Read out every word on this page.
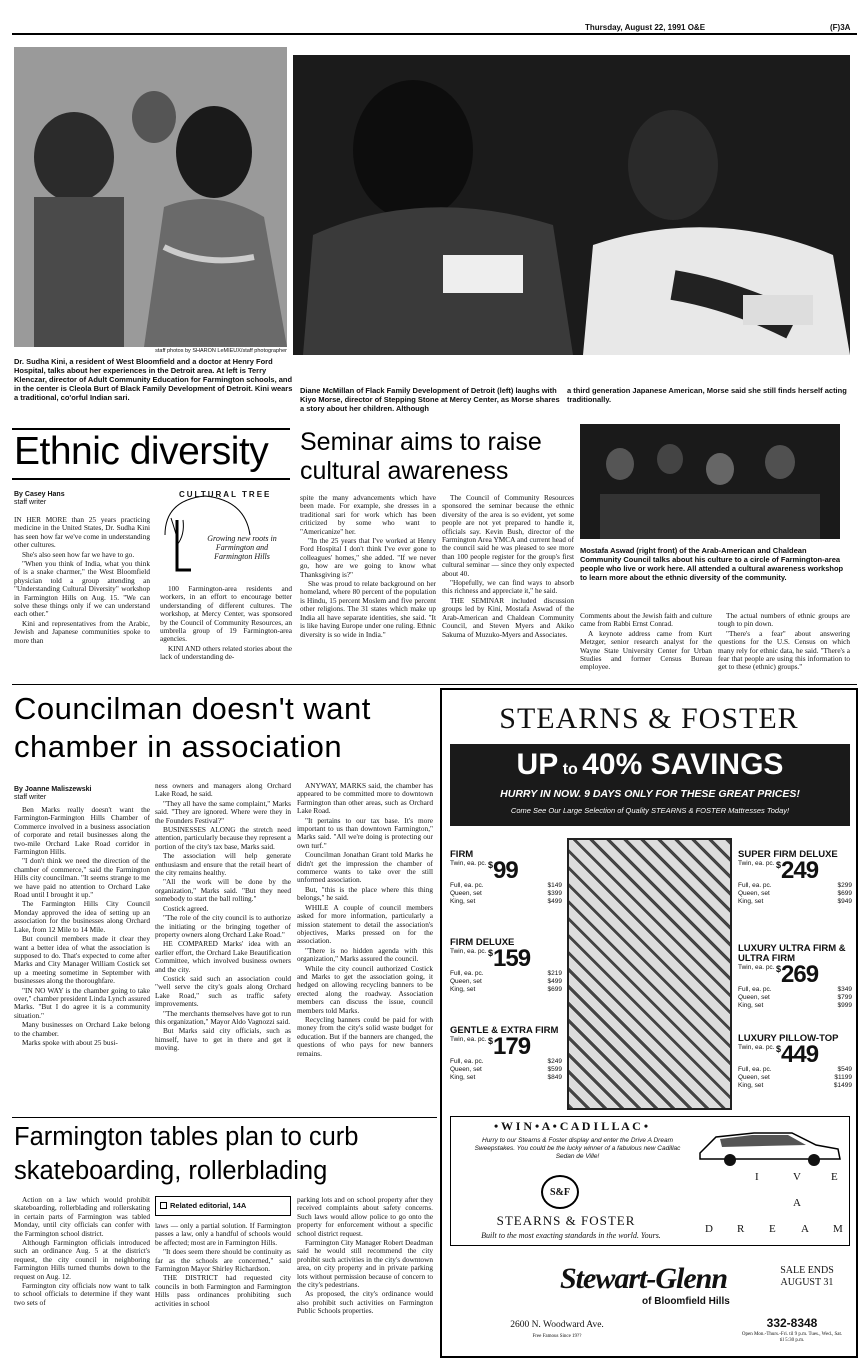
Thursday, August 22, 1991 O&E	(F)3A
staff photos by SHARON LeMIEUX/staff photographer
Dr. Sudha Kini, a resident of West Bloomfield and a doctor at Henry Ford Hospital, talks about her experiences in the Detroit area. At left is Terry Klenczar, director of Adult Community Education for Farmington schools, and in the center is Cleola Burt of Black Family Development of Detroit. Kini wears a traditional, co'orful Indian sari.
Diane McMillan of Flack Family Development of Detroit (left) laughs with Kiyo Morse, director of Stepping Stone at Mercy Center, as Morse shares a story about her children. Although
a third generation Japanese American, Morse said she still finds herself acting traditionally.
Ethnic diversity Seminar aims to raise cultural awareness
Mostafa Aswad (right front) of the Arab-American and Chaldean Community Council talks about his culture to a circle of Farmington-area people who live or work here. All attended a cultural awareness workshop to learn more about the ethnic diversity of the community.
By Casey Hans
staff writer
CULTURAL TREE
Growing new roots in Farmington and Farmington Hills

IN HER MORE than 25 years practicing medicine in the United States, Dr. Sudha Kini has seen how far we've come in understanding other cultures.

She's also seen how far we have to go.

"When you think of India, what you think of is a snake charmer," the West Bloomfield physician told a group attending an "Understanding Cultural Diversity" workshop in Farmington Hills on Aug. 15. "We can solve these things only if we can understand each other."

Kini and representatives from the Arabic, Jewish and Japanese communities spoke to more than

100 Farmington-area residents and workers, in an effort to encourage better understanding of different cultures. The workshop, at Mercy Center, was sponsored by the Council of Community Resources, an umbrella group of 19 Farmington-area agencies.

KINI AND others related stories about the lack of understanding de-

spite the many advancements which have been made. For example, she dresses in a traditional sari for work which has been criticized by some who want to "Americanize" her.

"In the 25 years that I've worked at Henry Ford Hospital I don't think I've ever gone to colleagues' homes," she added. "If we never go, how are we going to know what Thanksgiving is?"

She was proud to relate background on her homeland, where 80 percent of the population is Hindu, 15 percent Moslem and five percent other religions. The 31 states which make up India all have separate identities, she said. "It is like having Europe under one ruling. Ethnic diversity is so wide in India."

The Council of Community Resources sponsored the seminar because the ethnic diversity of the area is so evident, yet some people are not yet prepared to handle it, officials say. Kevin Bush, director of the Farmington Area YMCA and current head of the council said he was pleased to see more than 100 people register for the group's first cultural seminar — since they only expected about 40.

"Hopefully, we can find ways to absorb this richness and appreciate it," he said.

THE SEMINAR included discussion groups led by Kini, Mostafa Aswad of the Arab-American and Chaldean Community Council, and Steven Myers and Akiko Sakuma of Muzuko-Myers and Associates.

Comments about the Jewish faith and culture came from Rabbi Ernst Conrad.

A keynote address came from Kurt Metzger, senior research analyst for the Wayne State University Center for Urban Studies and former Census Bureau employee.

The actual numbers of ethnic groups are tough to pin down.

"There's a fear" about answering questions for the U.S. Census on which many rely for ethnic data, he said. "There's a fear that people are using this information to get to these (ethnic) groups."

Councilman doesn't want chamber in association
By Joanne Maliszewski
staff writer

Ben Marks really doesn't want the Farmington-Farmington Hills Chamber of Commerce involved in a business association of corporate and retail businesses along the two-mile Orchard Lake Road corridor in Farmington Hills.

"I don't think we need the direction of the chamber of commerce," said the Farmington Hills city councilman. "It seems strange to me we have paid no attention to Orchard Lake Road until I brought it up."

The Farmington Hills City Council Monday approved the idea of setting up an association for the businesses along Orchard Lake, from 12 Mile to 14 Mile.

But council members made it clear they want a better idea of what the association is supposed to do. That's expected to come after Marks and City Manager William Costick set up a meeting sometime in September with businesses along the thoroughfare.

"IN NO WAY is the chamber going to take over," chamber president Linda Lynch assured Marks. "But I do agree it is a community situation."

Many businesses on Orchard Lake belong to the chamber.

Marks spoke with about 25 busi-

ness owners and managers along Orchard Lake Road, he said.

"They all have the same complaint," Marks said. "They are ignored. Where were they in the Founders Festival?"

BUSINESSES ALONG the stretch need attention, particularly because they represent a portion of the city's tax base, Marks said.

The association will help generate enthusiasm and ensure that the retail heart of the city remains healthy.

"All the work will be done by the organization," Marks said. "But they need somebody to start the ball rolling."

Costick agreed.

"The role of the city council is to authorize the initiating or the bringing together of property owners along Orchard Lake Road."

HE COMPARED Marks' idea with an earlier effort, the Orchard Lake Beautification Committee, which involved business owners and the city.

Costick said such an association could "well serve the city's goals along Orchard Lake Road," such as traffic safety improvements.

"The merchants themselves have got to run this organization," Mayor Aldo Vagnozzi said.

But Marks said city officials, such as himself, have to get in there and get it moving.

ANYWAY, MARKS said, the chamber has appeared to be committed more to downtown Farmington than other areas, such as Orchard Lake Road.

"It pertains to our tax base. It's more important to us than downtown Farmington," Marks said. "All we're doing is protecting our own turf."

Councilman Jonathan Grant told Marks he didn't get the impression the chamber of commerce wants to take over the still unformed association.

But, "this is the place where this thing belongs," he said.

WHILE A couple of council members asked for more information, particularly a mission statement to detail the association's objectives, Marks pressed on for the association.

"There is no hidden agenda with this organization," Marks assured the council.

While the city council authorized Costick and Marks to get the association going, it hedged on allowing recycling banners to be erected along the roadway. Association members can discuss the issue, council members told Marks.

Recycling banners could be paid for with money from the city's solid waste budget for education. But if the banners are changed, the questions of who pays for new banners remains.

Farmington tables plan to curb skateboarding, rollerblading

Action on a law which would prohibit skateboarding, rollerblading and rollerskating in certain parts of Farmington was tabled Monday, until city officials can confer with the Farmington school district.

Although Farmington officials introduced such an ordinance Aug. 5 at the district's request, the city council in neighboring Farmington Hills turned thumbs down to the request on Aug. 12.

Farmington city officials now want to talk to school officials to determine if they want two sets of

Related editorial, 14A

laws — only a partial solution. If Farmington passes a law, only a handful of schools would be affected; most are in Farmington Hills.

"It does seem there should be continuity as far as the schools are concerned," said Farmington Mayor Shirley Richardson.

THE DISTRICT had requested city councils in both Farmington and Farmington Hills pass ordinances prohibiting such activities in school

parking lots and on school property after they received complaints about safety concerns. Such laws would allow police to go onto the property for enforcement without a specific school district request.

Farmington City Manager Robert Deadman said he would still recommend the city prohibit such activities in the city's downtown area, on city property and in private parking lots without permission because of concern to the city's pedestrians.

As proposed, the city's ordinance would also prohibit such activities on Farmington Public Schools properties.

STEARNS & FOSTER
UP to 40% SAVINGS
HURRY IN NOW. 9 DAYS ONLY FOR THESE GREAT PRICES!
Come See Our Large Selection of Quality STEARNS & FOSTER Mattresses Today!
FIRM
Twin, ea. pc. $ 99
Full, ea. pc.	$149
Queen, set	$399
King, set	$499
FIRM DELUXE
Twin, ea. pc. $ 159
Full, ea. pc.	$219
Queen, set	$499
King, set	$699
GENTLE & EXTRA FIRM
Twin, ea. pc. $ 179
Full, ea. pc.	$249
Queen, set	$599
King, set	$849
SUPER FIRM DELUXE
Twin, ea. pc. $ 249
Full, ea. pc.	$299
Queen, set	$699
King, set	$949
LUXURY ULTRA FIRM & ULTRA FIRM
Twin, ea. pc. $ 269
Full, ea. pc.	$349
Queen, set	$799
King, set	$999
LUXURY PILLOW-TOP
Twin, ea. pc. $ 449
Full, ea. pc.	$549
Queen, set	$1199
King, set	$1499
• W I N • A • C A D I L L A C •
Hurry to our Stearns & Foster display and enter the Drive A Dream Sweepstakes. You could be the lucky winner of a fabulous new Cadillac Sedan de Ville!
S&F
STEARNS & FOSTER
Built to the most exacting standards in the world. Yours.
I	V	E
A
D R E A M
Stewart-Glenn
of Bloomfield Hills
SALE ENDS AUGUST 31
2600 N. Woodward Ave.
Free Famous Since 19??
332-8348
Open Mon.-Thurs.-Fri. til 9 p.m. Tues., Wed., Sat. til 5:30 p.m.
